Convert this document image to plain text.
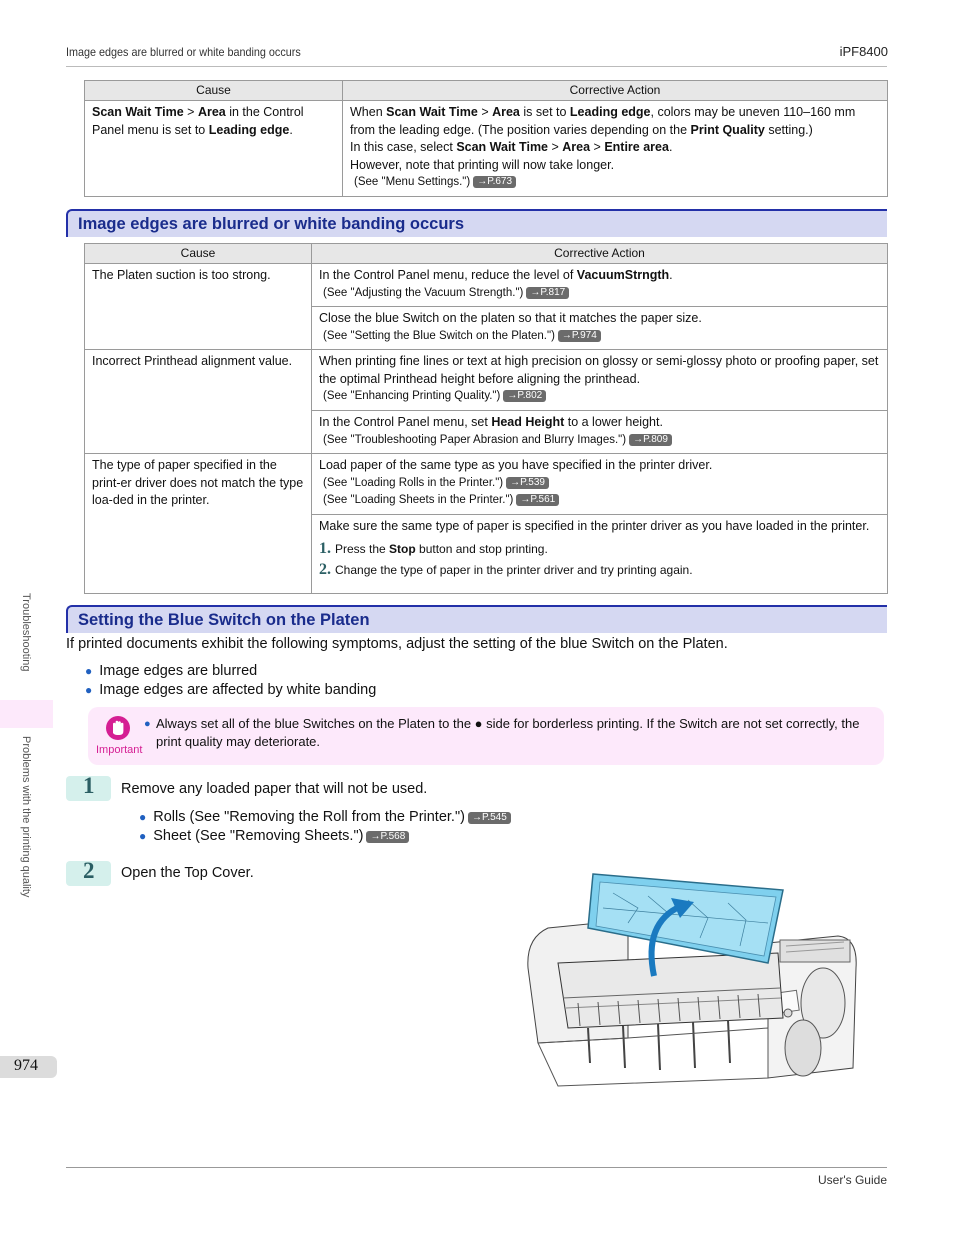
Image edges are blurred or white banding occurs	iPF8400
Cause	Corrective Action
Scan Wait Time > Area in the Control Panel menu is set to Leading edge.	When Scan Wait Time > Area is set to Leading edge, colors may be uneven 110–160 mm from the leading edge. (The position varies depending on the Print Quality setting.)
In this case, select Scan Wait Time > Area > Entire area.
However, note that printing will now take longer.
(See "Menu Settings.") →P.673
Image edges are blurred or white banding occurs
Cause	Corrective Action
The Platen suction is too strong.	In the Control Panel menu, reduce the level of VacuumStrngth.
(See "Adjusting the Vacuum Strength.") →P.817

	Close the blue Switch on the platen so that it matches the paper size.
(See "Setting the Blue Switch on the Platen.") →P.974

Incorrect Printhead alignment value.	When printing fine lines or text at high precision on glossy or semi-glossy photo or proofing paper, set the optimal Printhead height before aligning the printhead.
(See "Enhancing Printing Quality.") →P.802

	In the Control Panel menu, set Head Height to a lower height.
(See "Troubleshooting Paper Abrasion and Blurry Images.") →P.809

The type of paper specified in the print-er driver does not match the type loa-ded in the printer.	Load paper of the same type as you have specified in the printer driver.
(See "Loading Rolls in the Printer.") →P.539
(See "Loading Sheets in the Printer.") →P.561

	Make sure the same type of paper is specified in the printer driver as you have loaded in the printer.
1. Press the Stop button and stop printing.
2. Change the type of paper in the printer driver and try printing again.
Setting the Blue Switch on the Platen
If printed documents exhibit the following symptoms, adjust the setting of the blue Switch on the Platen.
● Image edges are blurred
● Image edges are affected by white banding
Important
● Always set all of the blue Switches on the Platen to the ● side for borderless printing. If the Switch are not set correctly, the print quality may deteriorate.
1 Remove any loaded paper that will not be used.
● Rolls (See "Removing the Roll from the Printer.") →P.545
● Sheet (See "Removing Sheets.") →P.568
2 Open the Top Cover.
Troubleshooting
Problems with the printing quality
974
User's Guide
